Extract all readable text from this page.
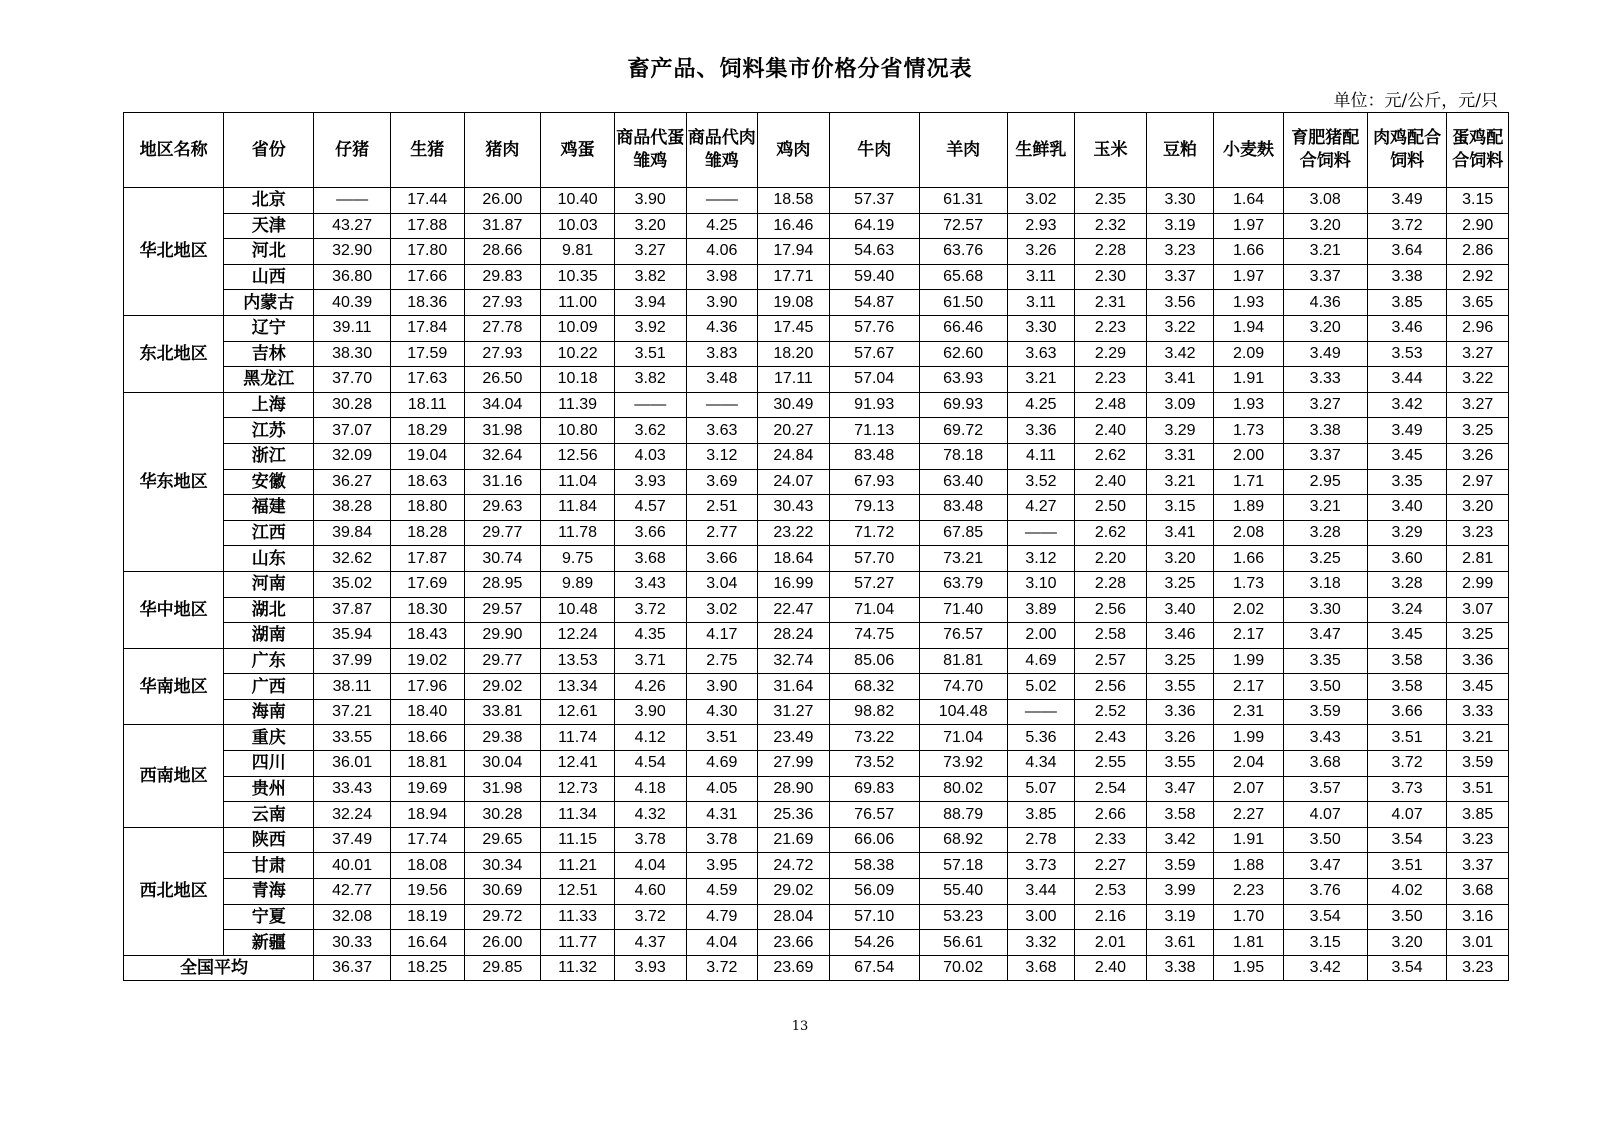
畜产品、饲料集市价格分省情况表
单位：元/公斤，元/只
地区名称	省份	仔猪	生猪	猪肉	鸡蛋	商品代蛋雏鸡	商品代肉雏鸡	鸡肉	牛肉	羊肉	生鲜乳	玉米	豆粕	小麦麸	育肥猪配合饲料	肉鸡配合饲料	蛋鸡配合饲料
华北地区	北京	——	17.44	26.00	10.40	3.90	——	18.58	57.37	61.31	3.02	2.35	3.30	1.64	3.08	3.49	3.15
	天津	43.27	17.88	31.87	10.03	3.20	4.25	16.46	64.19	72.57	2.93	2.32	3.19	1.97	3.20	3.72	2.90
	河北	32.90	17.80	28.66	9.81	3.27	4.06	17.94	54.63	63.76	3.26	2.28	3.23	1.66	3.21	3.64	2.86
	山西	36.80	17.66	29.83	10.35	3.82	3.98	17.71	59.40	65.68	3.11	2.30	3.37	1.97	3.37	3.38	2.92
	内蒙古	40.39	18.36	27.93	11.00	3.94	3.90	19.08	54.87	61.50	3.11	2.31	3.56	1.93	4.36	3.85	3.65
东北地区	辽宁	39.11	17.84	27.78	10.09	3.92	4.36	17.45	57.76	66.46	3.30	2.23	3.22	1.94	3.20	3.46	2.96
	吉林	38.30	17.59	27.93	10.22	3.51	3.83	18.20	57.67	62.60	3.63	2.29	3.42	2.09	3.49	3.53	3.27
	黑龙江	37.70	17.63	26.50	10.18	3.82	3.48	17.11	57.04	63.93	3.21	2.23	3.41	1.91	3.33	3.44	3.22
华东地区	上海	30.28	18.11	34.04	11.39	——	——	30.49	91.93	69.93	4.25	2.48	3.09	1.93	3.27	3.42	3.27
	江苏	37.07	18.29	31.98	10.80	3.62	3.63	20.27	71.13	69.72	3.36	2.40	3.29	1.73	3.38	3.49	3.25
	浙江	32.09	19.04	32.64	12.56	4.03	3.12	24.84	83.48	78.18	4.11	2.62	3.31	2.00	3.37	3.45	3.26
	安徽	36.27	18.63	31.16	11.04	3.93	3.69	24.07	67.93	63.40	3.52	2.40	3.21	1.71	2.95	3.35	2.97
	福建	38.28	18.80	29.63	11.84	4.57	2.51	30.43	79.13	83.48	4.27	2.50	3.15	1.89	3.21	3.40	3.20
	江西	39.84	18.28	29.77	11.78	3.66	2.77	23.22	71.72	67.85	——	2.62	3.41	2.08	3.28	3.29	3.23
	山东	32.62	17.87	30.74	9.75	3.68	3.66	18.64	57.70	73.21	3.12	2.20	3.20	1.66	3.25	3.60	2.81
华中地区	河南	35.02	17.69	28.95	9.89	3.43	3.04	16.99	57.27	63.79	3.10	2.28	3.25	1.73	3.18	3.28	2.99
	湖北	37.87	18.30	29.57	10.48	3.72	3.02	22.47	71.04	71.40	3.89	2.56	3.40	2.02	3.30	3.24	3.07
	湖南	35.94	18.43	29.90	12.24	4.35	4.17	28.24	74.75	76.57	2.00	2.58	3.46	2.17	3.47	3.45	3.25
华南地区	广东	37.99	19.02	29.77	13.53	3.71	2.75	32.74	85.06	81.81	4.69	2.57	3.25	1.99	3.35	3.58	3.36
	广西	38.11	17.96	29.02	13.34	4.26	3.90	31.64	68.32	74.70	5.02	2.56	3.55	2.17	3.50	3.58	3.45
	海南	37.21	18.40	33.81	12.61	3.90	4.30	31.27	98.82	104.48	——	2.52	3.36	2.31	3.59	3.66	3.33
西南地区	重庆	33.55	18.66	29.38	11.74	4.12	3.51	23.49	73.22	71.04	5.36	2.43	3.26	1.99	3.43	3.51	3.21
	四川	36.01	18.81	30.04	12.41	4.54	4.69	27.99	73.52	73.92	4.34	2.55	3.55	2.04	3.68	3.72	3.59
	贵州	33.43	19.69	31.98	12.73	4.18	4.05	28.90	69.83	80.02	5.07	2.54	3.47	2.07	3.57	3.73	3.51
	云南	32.24	18.94	30.28	11.34	4.32	4.31	25.36	76.57	88.79	3.85	2.66	3.58	2.27	4.07	4.07	3.85
西北地区	陕西	37.49	17.74	29.65	11.15	3.78	3.78	21.69	66.06	68.92	2.78	2.33	3.42	1.91	3.50	3.54	3.23
	甘肃	40.01	18.08	30.34	11.21	4.04	3.95	24.72	58.38	57.18	3.73	2.27	3.59	1.88	3.47	3.51	3.37
	青海	42.77	19.56	30.69	12.51	4.60	4.59	29.02	56.09	55.40	3.44	2.53	3.99	2.23	3.76	4.02	3.68
	宁夏	32.08	18.19	29.72	11.33	3.72	4.79	28.04	57.10	53.23	3.00	2.16	3.19	1.70	3.54	3.50	3.16
	新疆	30.33	16.64	26.00	11.77	4.37	4.04	23.66	54.26	56.61	3.32	2.01	3.61	1.81	3.15	3.20	3.01
全国平均		36.37	18.25	29.85	11.32	3.93	3.72	23.69	67.54	70.02	3.68	2.40	3.38	1.95	3.42	3.54	3.23
13
